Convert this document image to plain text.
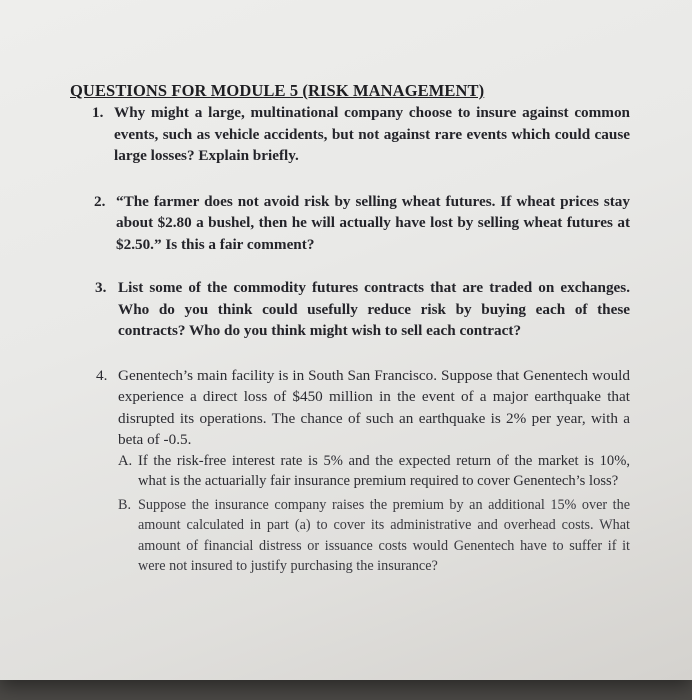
QUESTIONS FOR MODULE 5 (RISK MANAGEMENT)
1. Why might a large, multinational company choose to insure against common events, such as vehicle accidents, but not against rare events which could cause large losses? Explain briefly.
2. “The farmer does not avoid risk by selling wheat futures. If wheat prices stay about $2.80 a bushel, then he will actually have lost by selling wheat futures at $2.50.” Is this a fair comment?
3. List some of the commodity futures contracts that are traded on exchanges. Who do you think could usefully reduce risk by buying each of these contracts? Who do you think might wish to sell each contract?
4. Genentech’s main facility is in South San Francisco. Suppose that Genentech would experience a direct loss of $450 million in the event of a major earthquake that disrupted its operations. The chance of such an earthquake is 2% per year, with a beta of -0.5.
A. If the risk-free interest rate is 5% and the expected return of the market is 10%, what is the actuarially fair insurance premium required to cover Genentech’s loss?
B. Suppose the insurance company raises the premium by an additional 15% over the amount calculated in part (a) to cover its administrative and overhead costs. What amount of financial distress or issuance costs would Genentech have to suffer if it were not insured to justify purchasing the insurance?
